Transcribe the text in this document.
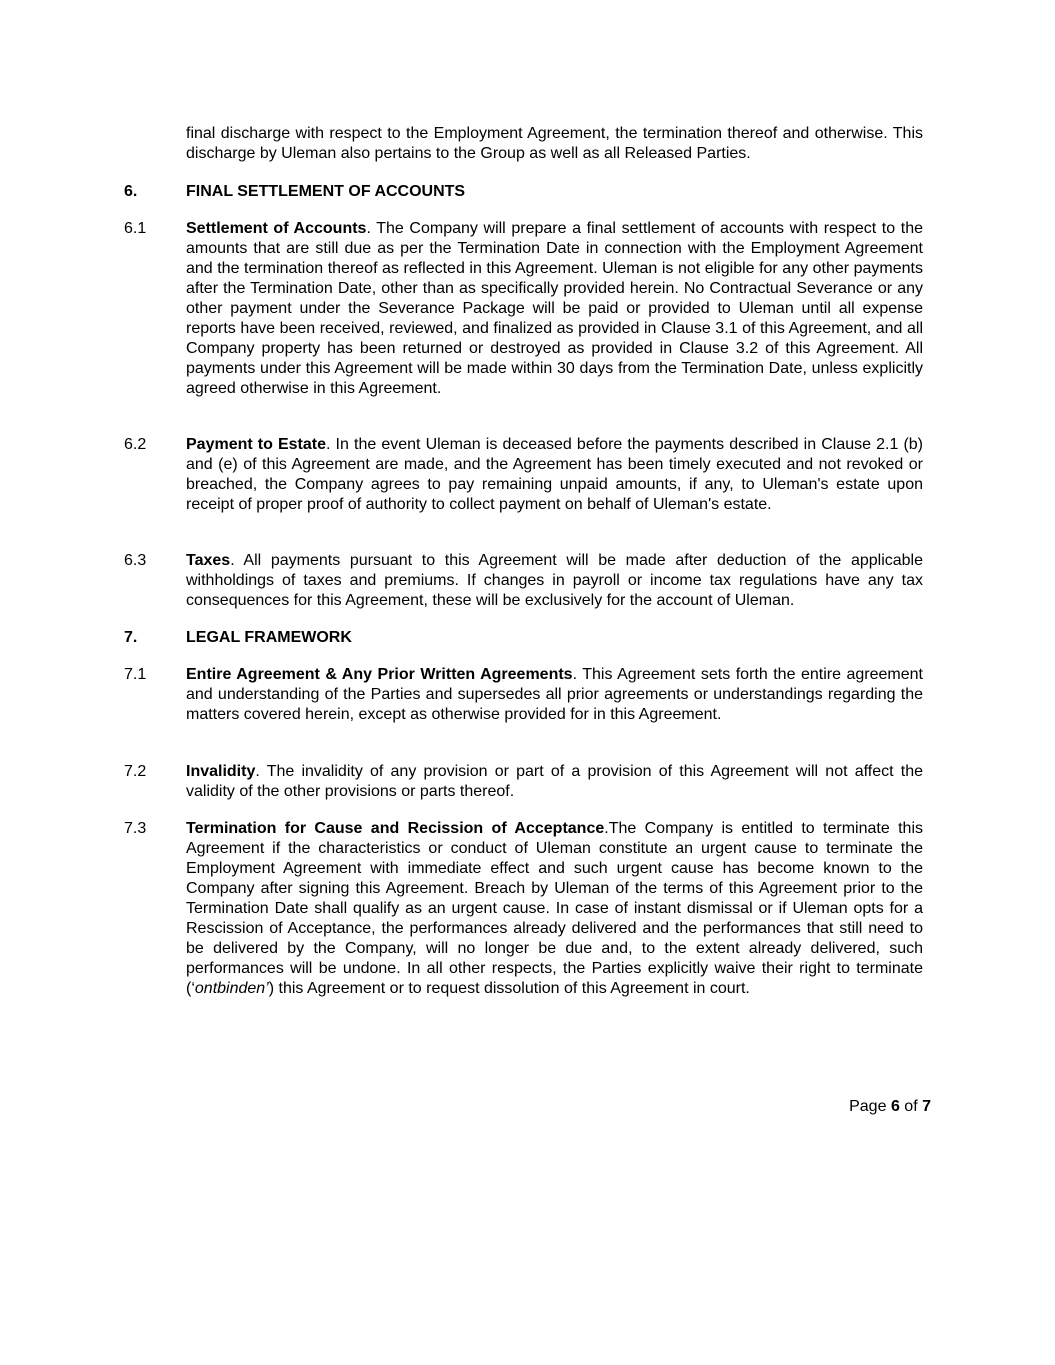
final discharge with respect to the Employment Agreement, the termination thereof and otherwise. This discharge by Uleman also pertains to the Group as well as all Released Parties.

6.	FINAL SETTLEMENT OF ACCOUNTS
6.1 Settlement of Accounts. The Company will prepare a final settlement of accounts with respect to the amounts that are still due as per the Termination Date in connection with the Employment Agreement and the termination thereof as reflected in this Agreement. Uleman is not eligible for any other payments after the Termination Date, other than as specifically provided herein. No Contractual Severance or any other payment under the Severance Package will be paid or provided to Uleman until all expense reports have been received, reviewed, and finalized as provided in Clause 3.1 of this Agreement, and all Company property has been returned or destroyed as provided in Clause 3.2 of this Agreement. All payments under this Agreement will be made within 30 days from the Termination Date, unless explicitly agreed otherwise in this Agreement.

6.2 Payment to Estate. In the event Uleman is deceased before the payments described in Clause 2.1 (b) and (e) of this Agreement are made, and the Agreement has been timely executed and not revoked or breached, the Company agrees to pay remaining unpaid amounts, if any, to Uleman's estate upon receipt of proper proof of authority to collect payment on behalf of Uleman's estate.

6.3 Taxes. All payments pursuant to this Agreement will be made after deduction of the applicable withholdings of taxes and premiums. If changes in payroll or income tax regulations have any tax consequences for this Agreement, these will be exclusively for the account of Uleman.

7.	LEGAL FRAMEWORK
7.1 Entire Agreement & Any Prior Written Agreements. This Agreement sets forth the entire agreement and understanding of the Parties and supersedes all prior agreements or understandings regarding the matters covered herein, except as otherwise provided for in this Agreement.

7.2 Invalidity. The invalidity of any provision or part of a provision of this Agreement will not affect the validity of the other provisions or parts thereof.

7.3 Termination for Cause and Recission of Acceptance.The Company is entitled to terminate this Agreement if the characteristics or conduct of Uleman constitute an urgent cause to terminate the Employment Agreement with immediate effect and such urgent cause has become known to the Company after signing this Agreement. Breach by Uleman of the terms of this Agreement prior to the Termination Date shall qualify as an urgent cause. In case of instant dismissal or if Uleman opts for a Rescission of Acceptance, the performances already delivered and the performances that still need to be delivered by the Company, will no longer be due and, to the extent already delivered, such performances will be undone. In all other respects, the Parties explicitly waive their right to terminate (‘ontbinden’) this Agreement or to request dissolution of this Agreement in court.

Page 6 of 7
